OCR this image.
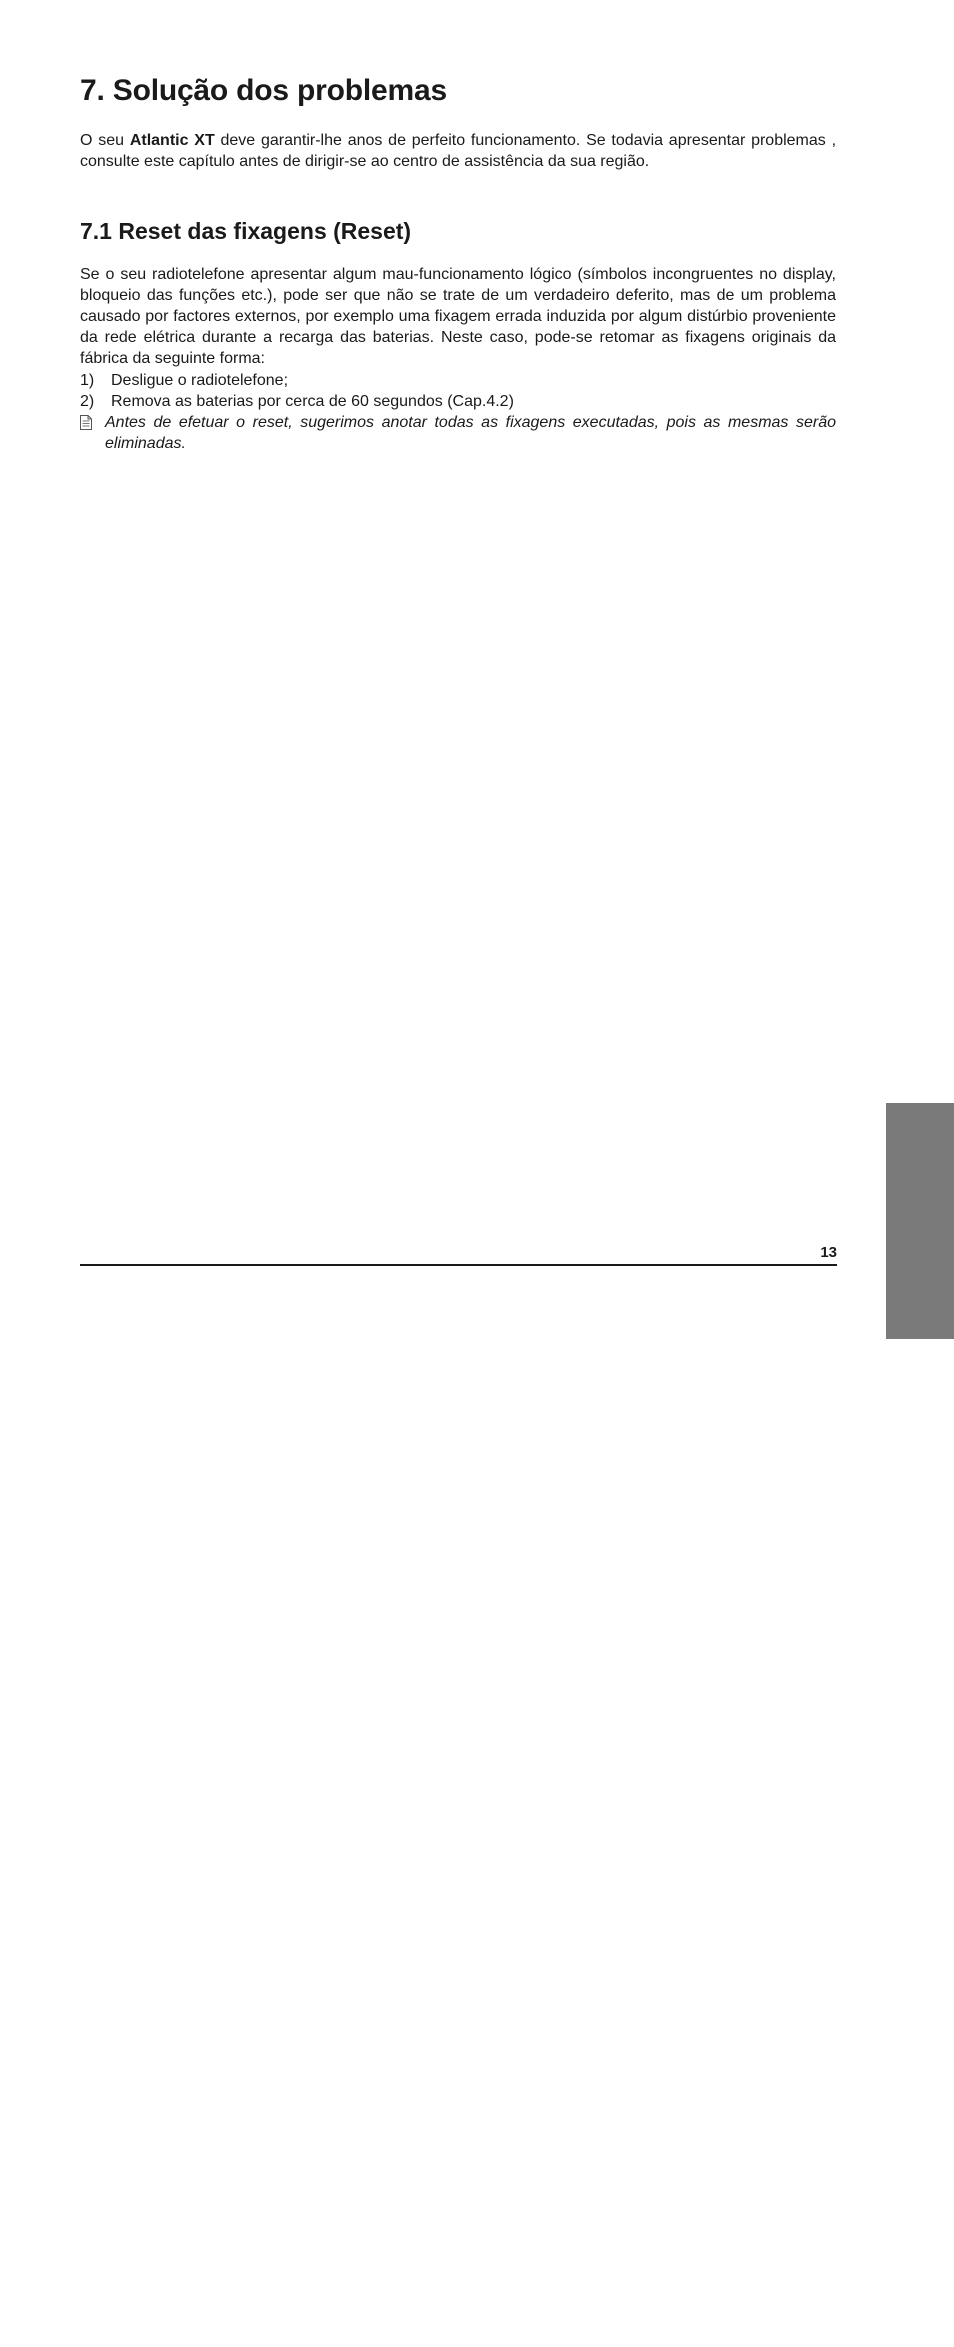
7. Solução dos problemas

O seu Atlantic XT deve garantir-lhe anos de perfeito funcionamento. Se todavia apresentar problemas , consulte este capítulo antes de dirigir-se ao centro de assistência da sua região.

7.1 Reset das fixagens (Reset)

Se o seu radiotelefone apresentar algum mau-funcionamento lógico (símbolos incongruentes no display, bloqueio das funções etc.), pode ser que não se trate de um verdadeiro deferito, mas de um problema causado por factores externos, por exemplo uma fixagem errada induzida por algum distúrbio proveniente da rede elétrica durante a recarga das baterias. Neste caso, pode-se retomar as fixagens originais da fábrica da seguinte forma:

1)	Desligue o radiotelefone;
2)	Remova as baterias por cerca de 60 segundos (Cap.4.2)
Antes de efetuar o reset, sugerimos anotar todas as fixagens executadas, pois as mesmas serão eliminadas.
PORTOGUÊS
13
